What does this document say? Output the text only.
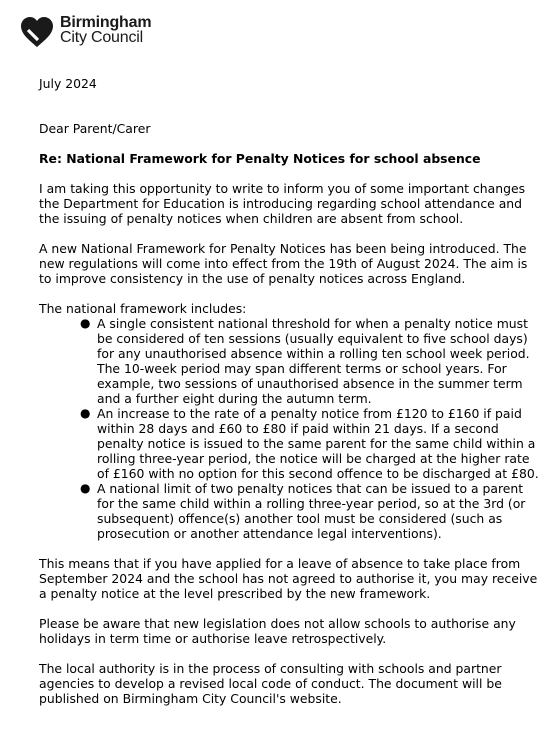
Birmingham
City Council

July 2024

Dear Parent/Carer

Re: National Framework for Penalty Notices for school absence

I am taking this opportunity to write to inform you of some important changes the Department for Education is introducing regarding school attendance and the issuing of penalty notices when children are absent from school.

A new National Framework for Penalty Notices has been being introduced. The new regulations will come into effect from the 19th of August 2024. The aim is to improve consistency in the use of penalty notices across England.

The national framework includes:

● A single consistent national threshold for when a penalty notice must be considered of ten sessions (usually equivalent to five school days) for any unauthorised absence within a rolling ten school week period. The 10-week period may span different terms or school years. For example, two sessions of unauthorised absence in the summer term and a further eight during the autumn term.
● An increase to the rate of a penalty notice from £120 to £160 if paid within 28 days and £60 to £80 if paid within 21 days. If a second penalty notice is issued to the same parent for the same child within a rolling three-year period, the notice will be charged at the higher rate of £160 with no option for this second offence to be discharged at £80.
● A national limit of two penalty notices that can be issued to a parent for the same child within a rolling three-year period, so at the 3rd (or subsequent) offence(s) another tool must be considered (such as prosecution or another attendance legal interventions).

This means that if you have applied for a leave of absence to take place from September 2024 and the school has not agreed to authorise it, you may receive a penalty notice at the level prescribed by the new framework.

Please be aware that new legislation does not allow schools to authorise any holidays in term time or authorise leave retrospectively.

The local authority is in the process of consulting with schools and partner agencies to develop a revised local code of conduct. The document will be published on Birmingham City Council's website.
